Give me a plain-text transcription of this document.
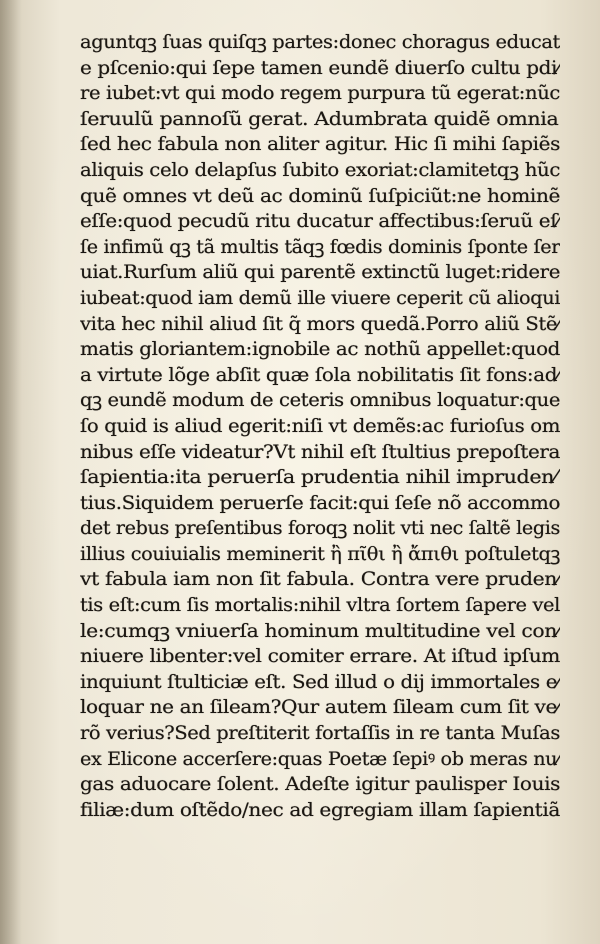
aguntqꝫ ſuas quiſqꝫ partes:donec choragus educat
e pſcenio:qui ſepe tamen eundẽ diuerſo cultu pdi⁄
re iubet:vt qui modo regem purpura tũ egerat:nũc
ſeruulũ pannoſũ gerat. Adumbrata quidẽ omnia
ſed hec fabula non aliter agitur. Hic ſi mihi ſapiẽs
aliquis celo delapſus ſubito exoriat:clamitetqꝫ hũc
quẽ omnes vt deũ ac dominũ ſuſpiciũt:ne hominẽ
eſſe:quod pecudũ ritu ducatur affectibus:ſeruũ eſ⁄
ſe infimũ qꝫ tã multis tãqꝫ fœdis dominis ſponte ſer
uiat.Rurſum aliũ qui parentẽ extinctũ luget:ridere
iubeat:quod iam demũ ille viuere ceperit cũ alioqui
vita hec nihil aliud ſit q̃ mors quedã.Porro aliũ Stẽ⁄
matis gloriantem:ignobile ac nothũ appellet:quod
a virtute lõge abſit quæ ſola nobilitatis ſit fons:ad⁄
qꝫ eundẽ modum de ceteris omnibus loquatur:que
ſo quid is aliud egerit:niſi vt demẽs:ac furioſus om
nibus eſſe videatur?Vt nihil eſt ſtultius prepoſtera
ſapientia:ita peruerſa prudentia nihil impruden⁄
tius.Siquidem peruerſe facit:qui ſeſe nõ accommo
det rebus preſentibus foroqꝫ nolit vti nec ſaltẽ legis
illius couiuialis meminerit ἢ πῖθι ἢ ἄπιθι poſtuletqꝫ
vt fabula iam non ſit fabula. Contra vere pruden⁄
tis eſt:cum ſis mortalis:nihil vltra ſortem ſapere vel
le:cumqꝫ vniuerſa hominum multitudine vel con⁄
niuere libenter:vel comiter errare. At iſtud ipſum
inquiunt ſtulticiæ eſt. Sed illud o dij immortales e⁄
loquar ne an ſileam?Qur autem ſileam cum ſit ve⁄
rõ verius?Sed preſtiterit fortaſſis in re tanta Muſas
ex Elicone accerſere:quas Poetæ ſepiꝰ ob meras nu⁄
gas aduocare ſolent. Adeſte igitur paulisper Iouis
filiæ:dum oſtẽdo/nec ad egregiam illam ſapientiã
